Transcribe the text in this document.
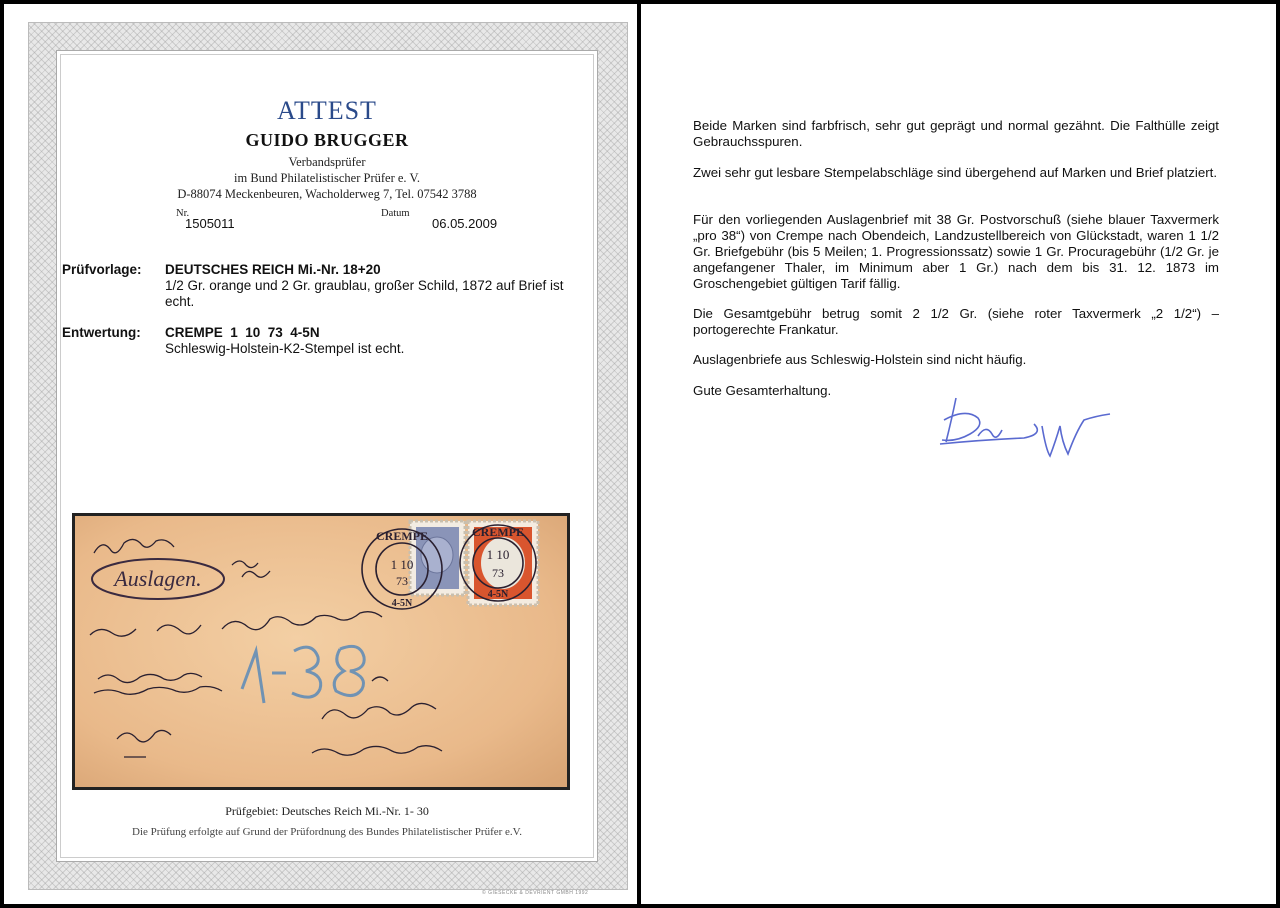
ATTEST
GUIDO BRUGGER
Verbandsprüfer
im Bund Philatelistischer Prüfer e. V.
D-88074 Meckenbeuren, Wacholderweg 7, Tel. 07542 3788
Nr.
1505011
Datum
06.05.2009
Prüfvorlage: DEUTSCHES REICH Mi.-Nr. 18+20
1/2 Gr. orange und 2 Gr. graublau, großer Schild, 1872 auf Brief ist echt.
Entwertung: CREMPE  1  10  73  4-5N
Schleswig-Holstein-K2-Stempel ist echt.
Auslagen.
CREMPE
1 10
73
4-5N
CREMPE
1 10
73
4-5N
Prüfgebiet: Deutsches Reich Mi.-Nr. 1- 30
Die Prüfung erfolgte auf Grund der Prüfordnung des Bundes Philatelistischer Prüfer e.V.
© GIESECKE & DEVRIENT GMBH 1992
Beide Marken sind farbfrisch, sehr gut geprägt und normal gezähnt. Die Falthülle zeigt Gebrauchsspuren.
Zwei sehr gut lesbare Stempelabschläge sind übergehend auf Marken und Brief platziert.
Für den vorliegenden Auslagenbrief mit 38 Gr. Postvorschuß (siehe blauer Taxvermerk „pro 38“) von Crempe nach Obendeich, Landzustellbereich von Glückstadt, waren 1 1/2 Gr. Briefgebühr (bis 5 Meilen; 1. Progressionssatz) sowie 1 Gr. Procuragebühr (1/2 Gr. je angefangener Thaler, im Minimum aber 1 Gr.) nach dem bis 31. 12. 1873 im Groschengebiet gültigen Tarif fällig.
Die Gesamtgebühr betrug somit 2 1/2 Gr. (siehe roter Taxvermerk „2 1/2“) – portogerechte Frankatur.
Auslagenbriefe aus Schleswig-Holstein sind nicht häufig.
Gute Gesamterhaltung.
